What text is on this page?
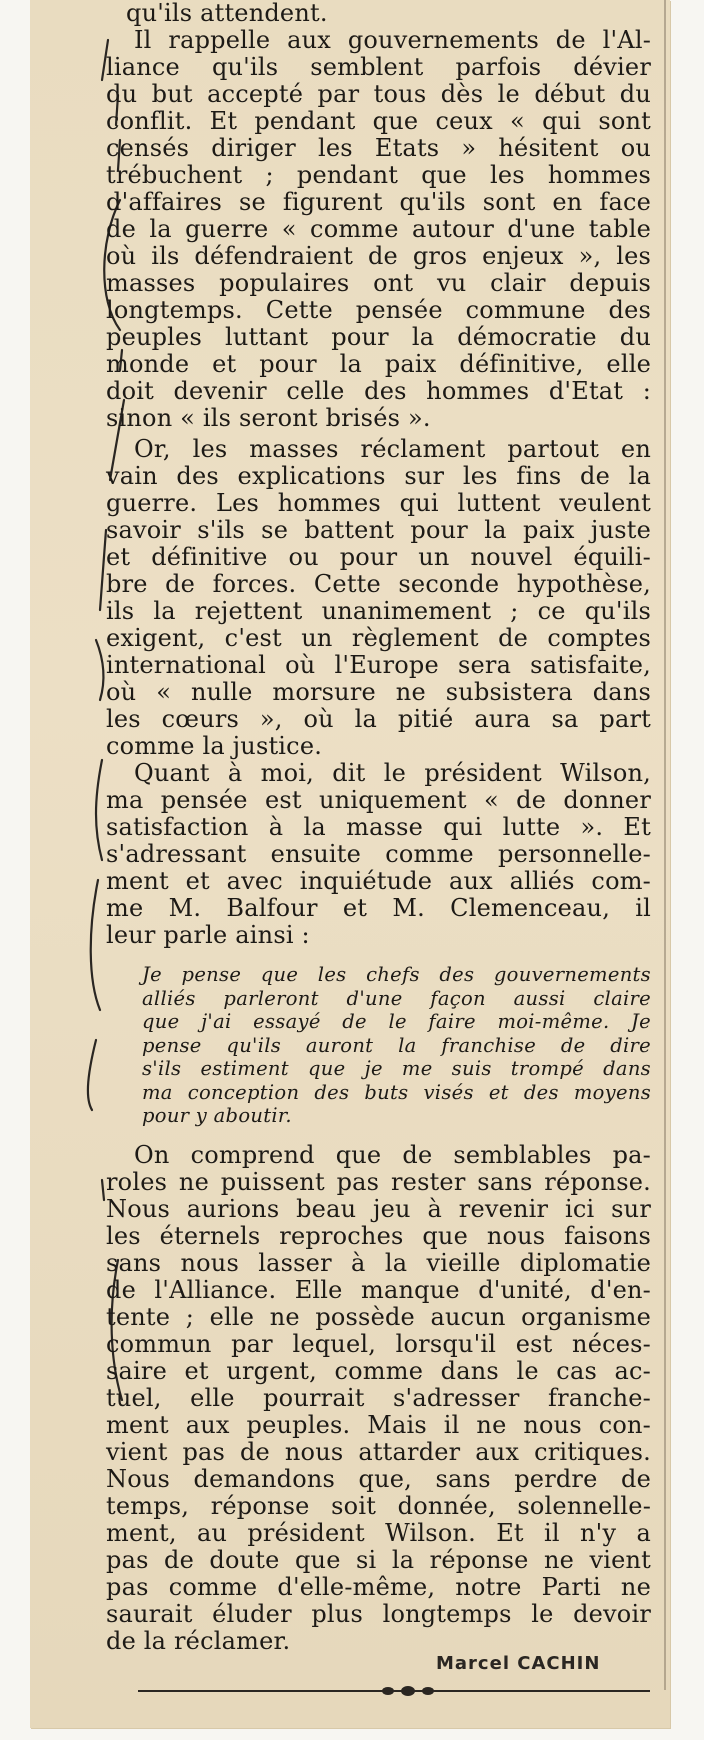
qu'ils attendent.

Il rappelle aux gouvernements de l'Al-
liance qu'ils semblent parfois dévier
du but accepté par tous dès le début du
conflit. Et pendant que ceux « qui sont
censés diriger les Etats » hésitent ou
trébuchent ; pendant que les hommes
d'affaires se figurent qu'ils sont en face
de la guerre « comme autour d'une table
où ils défendraient de gros enjeux », les
masses populaires ont vu clair depuis
longtemps. Cette pensée commune des
peuples luttant pour la démocratie du
monde et pour la paix définitive, elle
doit devenir celle des hommes d'Etat :
sinon « ils seront brisés ».

Or, les masses réclament partout en
vain des explications sur les fins de la
guerre. Les hommes qui luttent veulent
savoir s'ils se battent pour la paix juste
et définitive ou pour un nouvel équili-
bre de forces. Cette seconde hypothèse,
ils la rejettent unanimement ; ce qu'ils
exigent, c'est un règlement de comptes
international où l'Europe sera satisfaite,
où « nulle morsure ne subsistera dans
les cœurs », où la pitié aura sa part
comme la justice.

Quant à moi, dit le président Wilson,
ma pensée est uniquement « de donner
satisfaction à la masse qui lutte ». Et
s'adressant ensuite comme personnelle-
ment et avec inquiétude aux alliés com-
me M. Balfour et M. Clemenceau, il
leur parle ainsi :

Je pense que les chefs des gouvernements
alliés parleront d'une façon aussi claire
que j'ai essayé de le faire moi-même. Je
pense qu'ils auront la franchise de dire
s'ils estiment que je me suis trompé dans
ma conception des buts visés et des moyens
pour y aboutir.

On comprend que de semblables pa-
roles ne puissent pas rester sans réponse.
Nous aurions beau jeu à revenir ici sur
les éternels reproches que nous faisons
sans nous lasser à la vieille diplomatie
de l'Alliance. Elle manque d'unité, d'en-
tente ; elle ne possède aucun organisme
commun par lequel, lorsqu'il est néces-
saire et urgent, comme dans le cas ac-
tuel, elle pourrait s'adresser franche-
ment aux peuples. Mais il ne nous con-
vient pas de nous attarder aux critiques.
Nous demandons que, sans perdre de
temps, réponse soit donnée, solennelle-
ment, au président Wilson. Et il n'y a
pas de doute que si la réponse ne vient
pas comme d'elle-même, notre Parti ne
saurait éluder plus longtemps le devoir
de la réclamer.

Marcel CACHIN
